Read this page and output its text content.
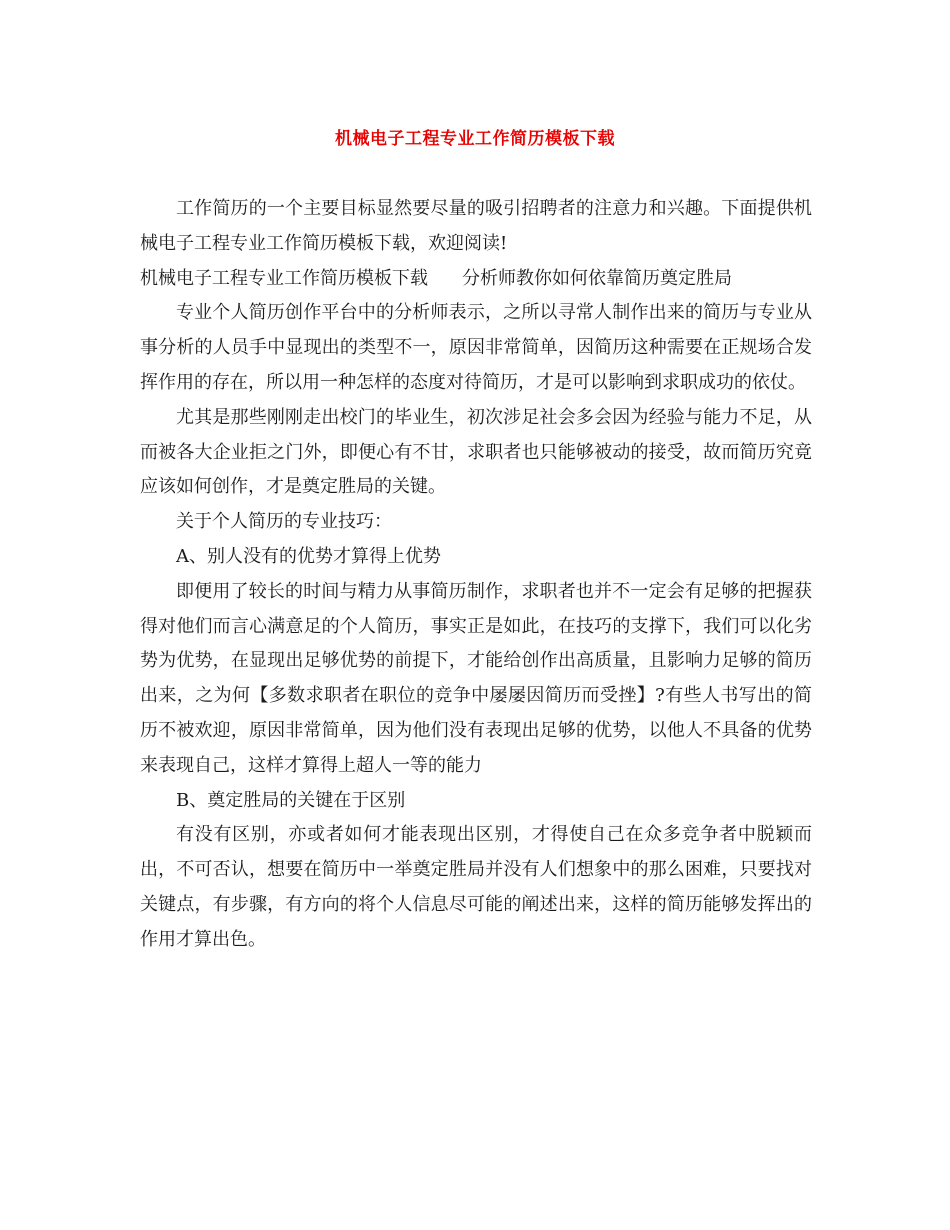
机械电子工程专业工作简历模板下载

工作简历的一个主要目标显然要尽量的吸引招聘者的注意力和兴趣。下面提供机械电子工程专业工作简历模板下载，欢迎阅读!

机械电子工程专业工作简历模板下载 分析师教你如何依靠简历奠定胜局

专业个人简历创作平台中的分析师表示，之所以寻常人制作出来的简历与专业从事分析的人员手中显现出的类型不一，原因非常简单，因简历这种需要在正规场合发挥作用的存在，所以用一种怎样的态度对待简历，才是可以影响到求职成功的依仗。

尤其是那些刚刚走出校门的毕业生，初次涉足社会多会因为经验与能力不足，从而被各大企业拒之门外，即便心有不甘，求职者也只能够被动的接受，故而简历究竟应该如何创作，才是奠定胜局的关键。

关于个人简历的专业技巧：

A、别人没有的优势才算得上优势

即便用了较长的时间与精力从事简历制作，求职者也并不一定会有足够的把握获得对他们而言心满意足的个人简历，事实正是如此，在技巧的支撑下，我们可以化劣势为优势，在显现出足够优势的前提下，才能给创作出高质量，且影响力足够的简历出来，之为何【多数求职者在职位的竞争中屡屡因简历而受挫】?有些人书写出的简历不被欢迎，原因非常简单，因为他们没有表现出足够的优势，以他人不具备的优势来表现自己，这样才算得上超人一等的能力

B、奠定胜局的关键在于区别

有没有区别，亦或者如何才能表现出区别，才得使自己在众多竞争者中脱颖而出，不可否认，想要在简历中一举奠定胜局并没有人们想象中的那么困难，只要找对关键点，有步骤，有方向的将个人信息尽可能的阐述出来，这样的简历能够发挥出的作用才算出色。
